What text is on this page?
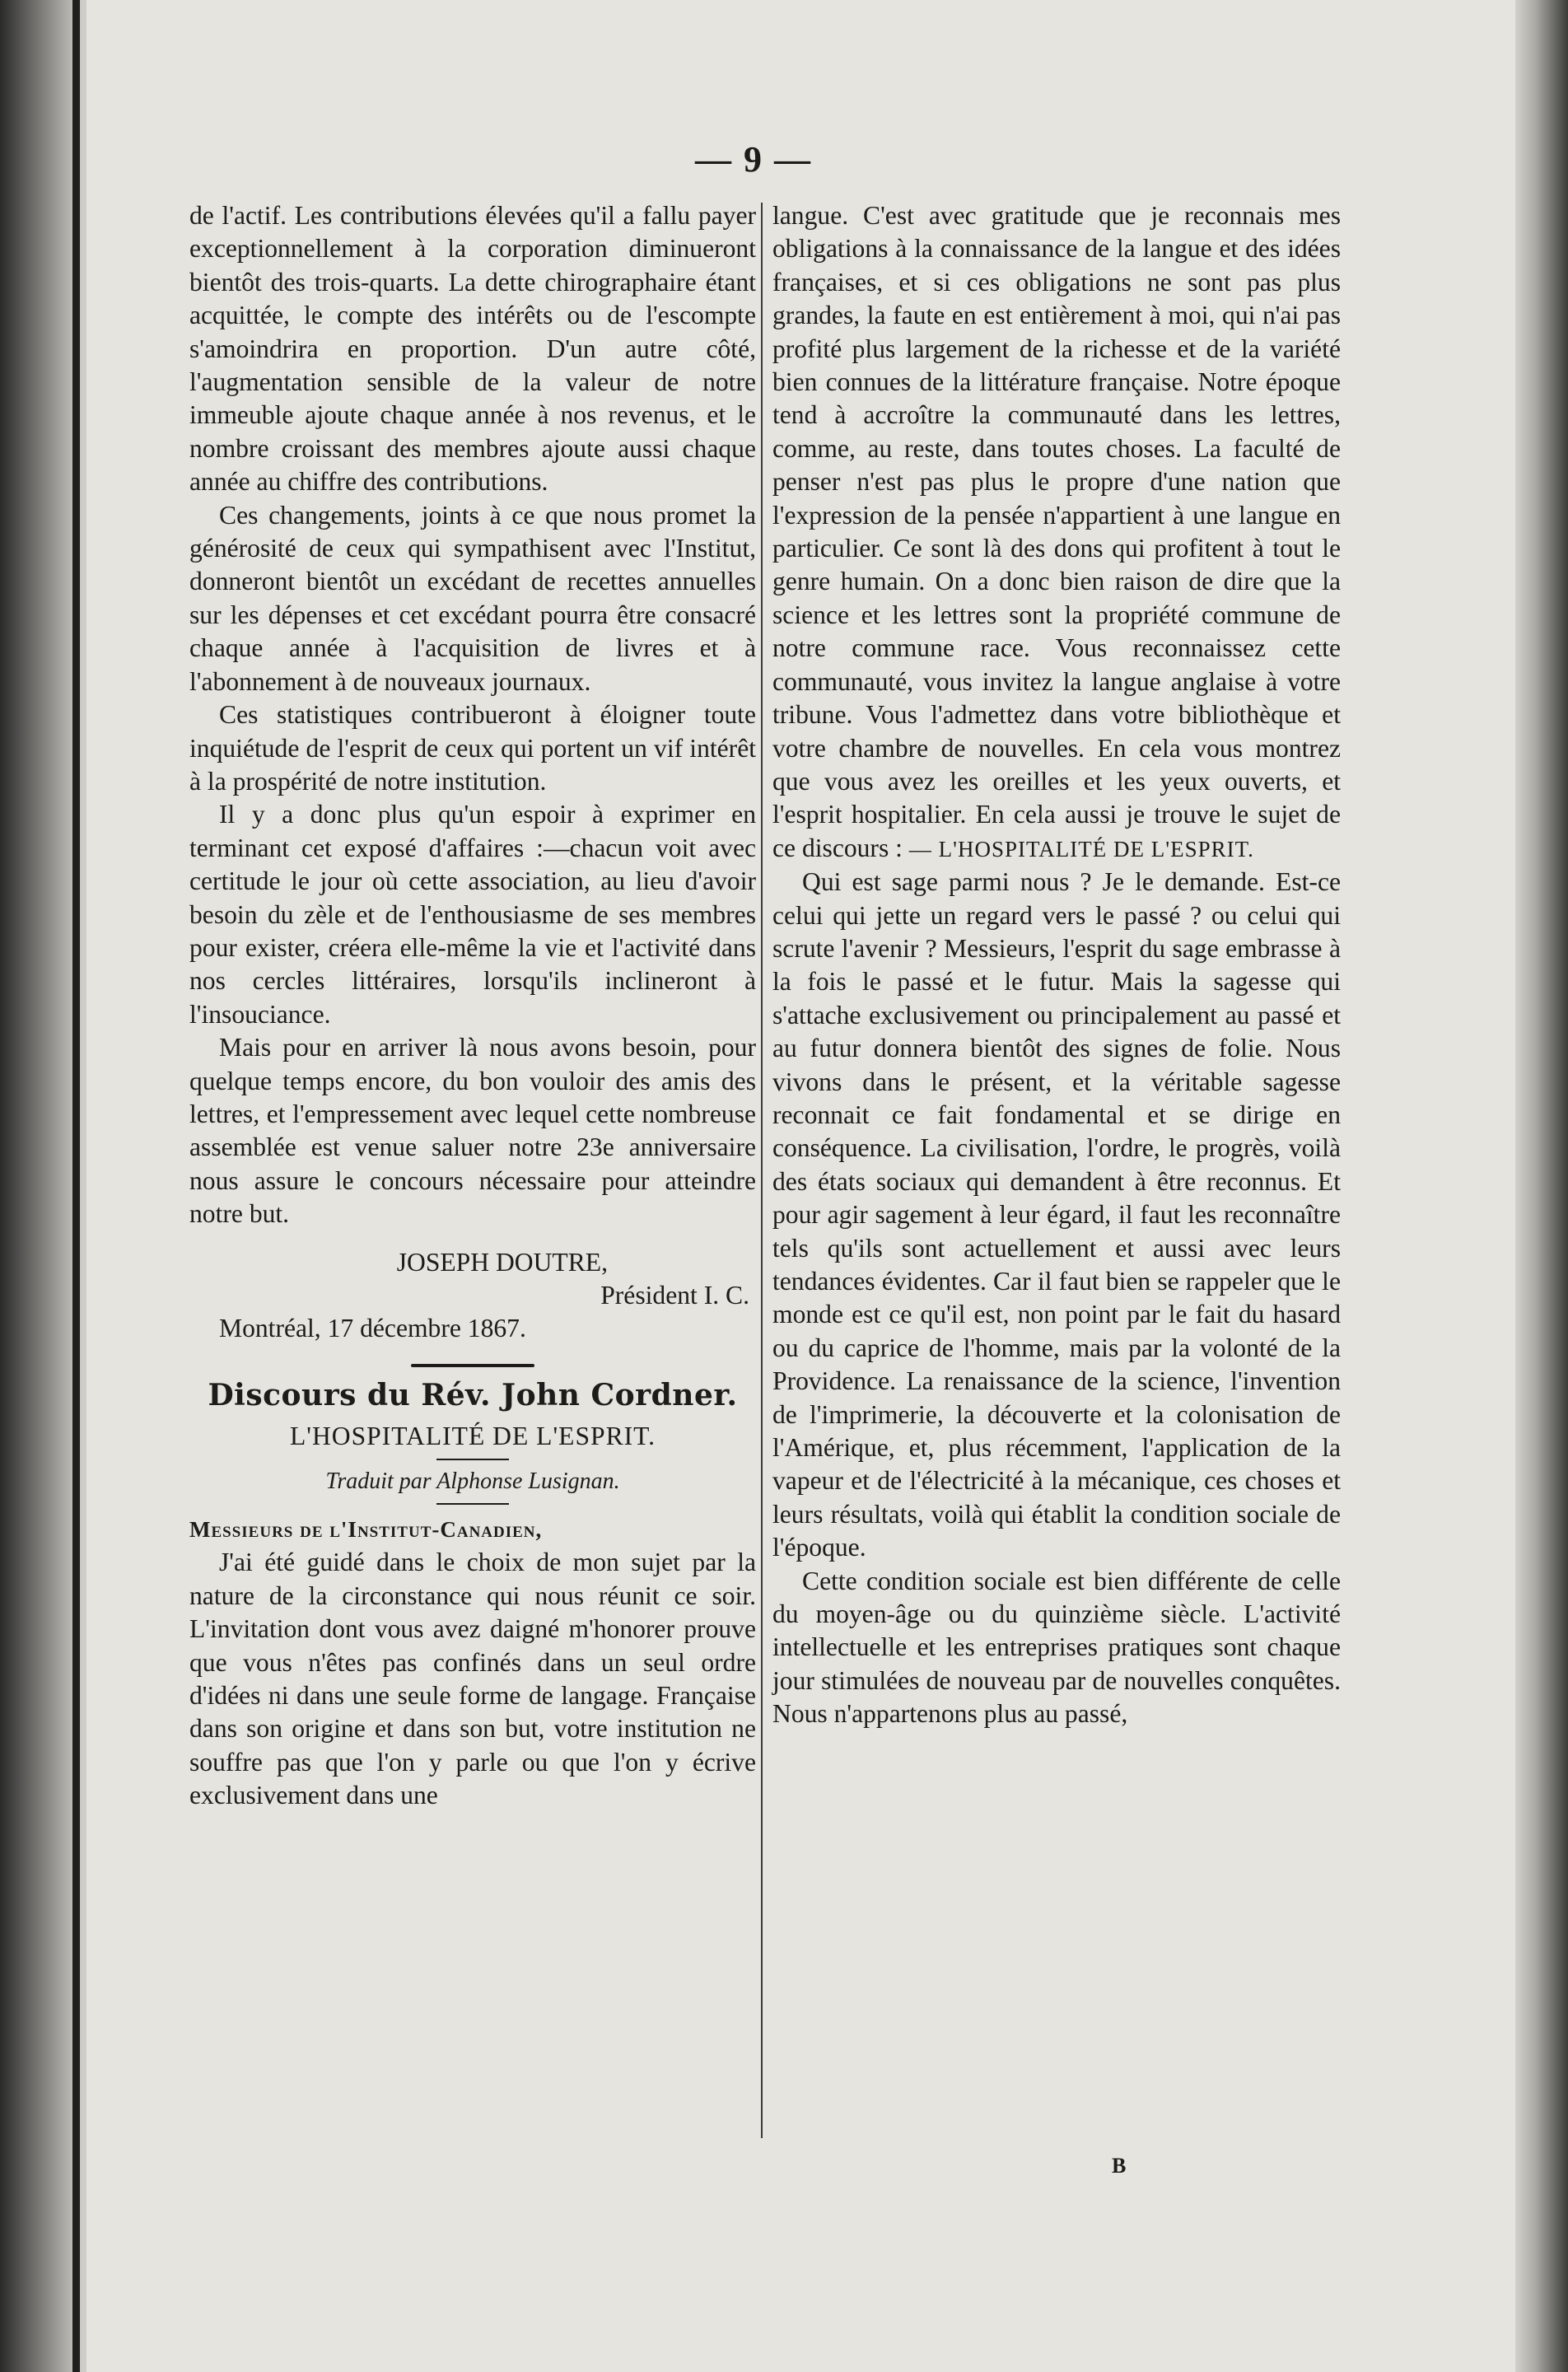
— 9 —

de l'actif. Les contributions élevées qu'il a fallu payer exceptionnellement à la corporation diminueront bientôt des trois-quarts. La dette chirographaire étant acquittée, le compte des intérêts ou de l'escompte s'amoindrira en proportion. D'un autre côté, l'augmentation sensible de la valeur de notre immeuble ajoute chaque année à nos revenus, et le nombre croissant des membres ajoute aussi chaque année au chiffre des contributions.

Ces changements, joints à ce que nous promet la générosité de ceux qui sympathisent avec l'Institut, donneront bientôt un excédant de recettes annuelles sur les dépenses et cet excédant pourra être consacré chaque année à l'acquisition de livres et à l'abonnement à de nouveaux journaux.

Ces statistiques contribueront à éloigner toute inquiétude de l'esprit de ceux qui portent un vif intérêt à la prospérité de notre institution.

Il y a donc plus qu'un espoir à exprimer en terminant cet exposé d'affaires :—chacun voit avec certitude le jour où cette association, au lieu d'avoir besoin du zèle et de l'enthousiasme de ses membres pour exister, créera elle-même la vie et l'activité dans nos cercles littéraires, lorsqu'ils inclineront à l'insouciance.

Mais pour en arriver là nous avons besoin, pour quelque temps encore, du bon vouloir des amis des lettres, et l'empressement avec lequel cette nombreuse assemblée est venue saluer notre 23e anniversaire nous assure le concours nécessaire pour atteindre notre but.

JOSEPH DOUTRE,

Président I. C.

Montréal, 17 décembre 1867.

Discours du Rév. John Cordner.

L'HOSPITALITÉ DE L'ESPRIT.

Traduit par Alphonse Lusignan.

Messieurs de l'Institut-Canadien,

J'ai été guidé dans le choix de mon sujet par la nature de la circonstance qui nous réunit ce soir. L'invitation dont vous avez daigné m'honorer prouve que vous n'êtes pas confinés dans un seul ordre d'idées ni dans une seule forme de langage. Française dans son origine et dans son but, votre institution ne souffre pas que l'on y parle ou que l'on y écrive exclusivement dans une

langue. C'est avec gratitude que je reconnais mes obligations à la connaissance de la langue et des idées françaises, et si ces obligations ne sont pas plus grandes, la faute en est entièrement à moi, qui n'ai pas profité plus largement de la richesse et de la variété bien connues de la littérature française. Notre époque tend à accroître la communauté dans les lettres, comme, au reste, dans toutes choses. La faculté de penser n'est pas plus le propre d'une nation que l'expression de la pensée n'appartient à une langue en particulier. Ce sont là des dons qui profitent à tout le genre humain. On a donc bien raison de dire que la science et les lettres sont la propriété commune de notre commune race. Vous reconnaissez cette communauté, vous invitez la langue anglaise à votre tribune. Vous l'admettez dans votre bibliothèque et votre chambre de nouvelles. En cela vous montrez que vous avez les oreilles et les yeux ouverts, et l'esprit hospitalier. En cela aussi je trouve le sujet de ce discours : — L'HOSPITALITÉ DE L'ESPRIT.

Qui est sage parmi nous ? Je le demande. Est-ce celui qui jette un regard vers le passé ? ou celui qui scrute l'avenir ? Messieurs, l'esprit du sage embrasse à la fois le passé et le futur. Mais la sagesse qui s'attache exclusivement ou principalement au passé et au futur donnera bientôt des signes de folie. Nous vivons dans le présent, et la véritable sagesse reconnait ce fait fondamental et se dirige en conséquence. La civilisation, l'ordre, le progrès, voilà des états sociaux qui demandent à être reconnus. Et pour agir sagement à leur égard, il faut les reconnaître tels qu'ils sont actuellement et aussi avec leurs tendances évidentes. Car il faut bien se rappeler que le monde est ce qu'il est, non point par le fait du hasard ou du caprice de l'homme, mais par la volonté de la Providence. La renaissance de la science, l'invention de l'imprimerie, la découverte et la colonisation de l'Amérique, et, plus récemment, l'application de la vapeur et de l'électricité à la mécanique, ces choses et leurs résultats, voilà qui établit la condition sociale de l'époque.

Cette condition sociale est bien différente de celle du moyen-âge ou du quinzième siècle. L'activité intellectuelle et les entreprises pratiques sont chaque jour stimulées de nouveau par de nouvelles conquêtes. Nous n'appartenons plus au passé,

B
